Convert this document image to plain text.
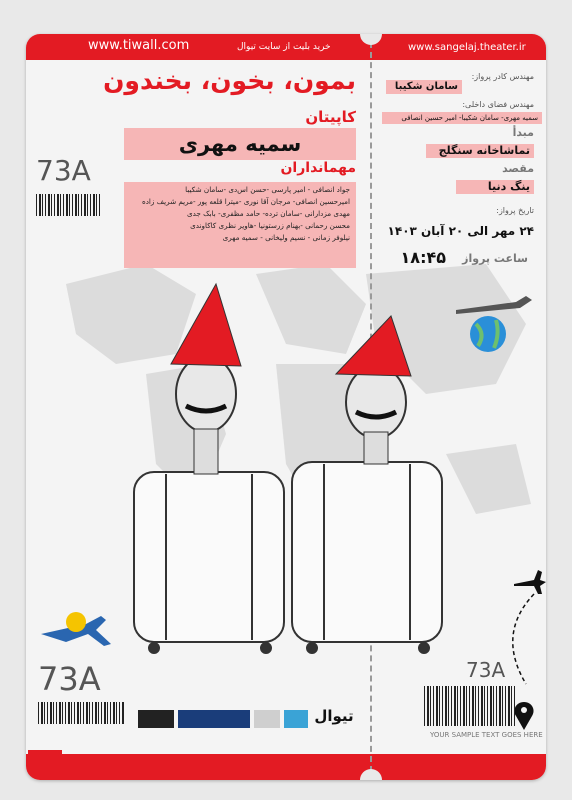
www.tiwall.com	خرید بلیت از سایت تیوال	www.sangelaj.theater.ir
بمون، بخون، بخندون
کاپیتان
سمیه مهری
مهمانداران
جواد انصافی - امیر پارسی -حسن اس‌دی -سامان شکیبا
امیرحسین انصافی- مرجان آقا نوری -میترا قلعه پور -مریم شریف زاده
مهدی مزدارانی -سامان ترده- حامد مظفری- بابک جدی
محسن رحمانی -بهنام زرستونیا -هاویر نظری کاکاوندی
نیلوفر زمانی - نسیم ولیخانی - سمیه مهری
73A
73A
تیوال
مهندس کادر پرواز:
سامان شکیبا
مهندس فضای داخلی:
سمیه مهری- سامان شکیبا- امیر حسین انصافی
مبدأ
تماشاخانه سنگلج
مقصد
ینگ دنیا
تاریخ پرواز:
۲۴ مهر الی ۲۰ آبان ۱۴۰۳
ساعت پرواز
۱۸:۴۵
73A
YOUR SAMPLE TEXT GOES HERE
